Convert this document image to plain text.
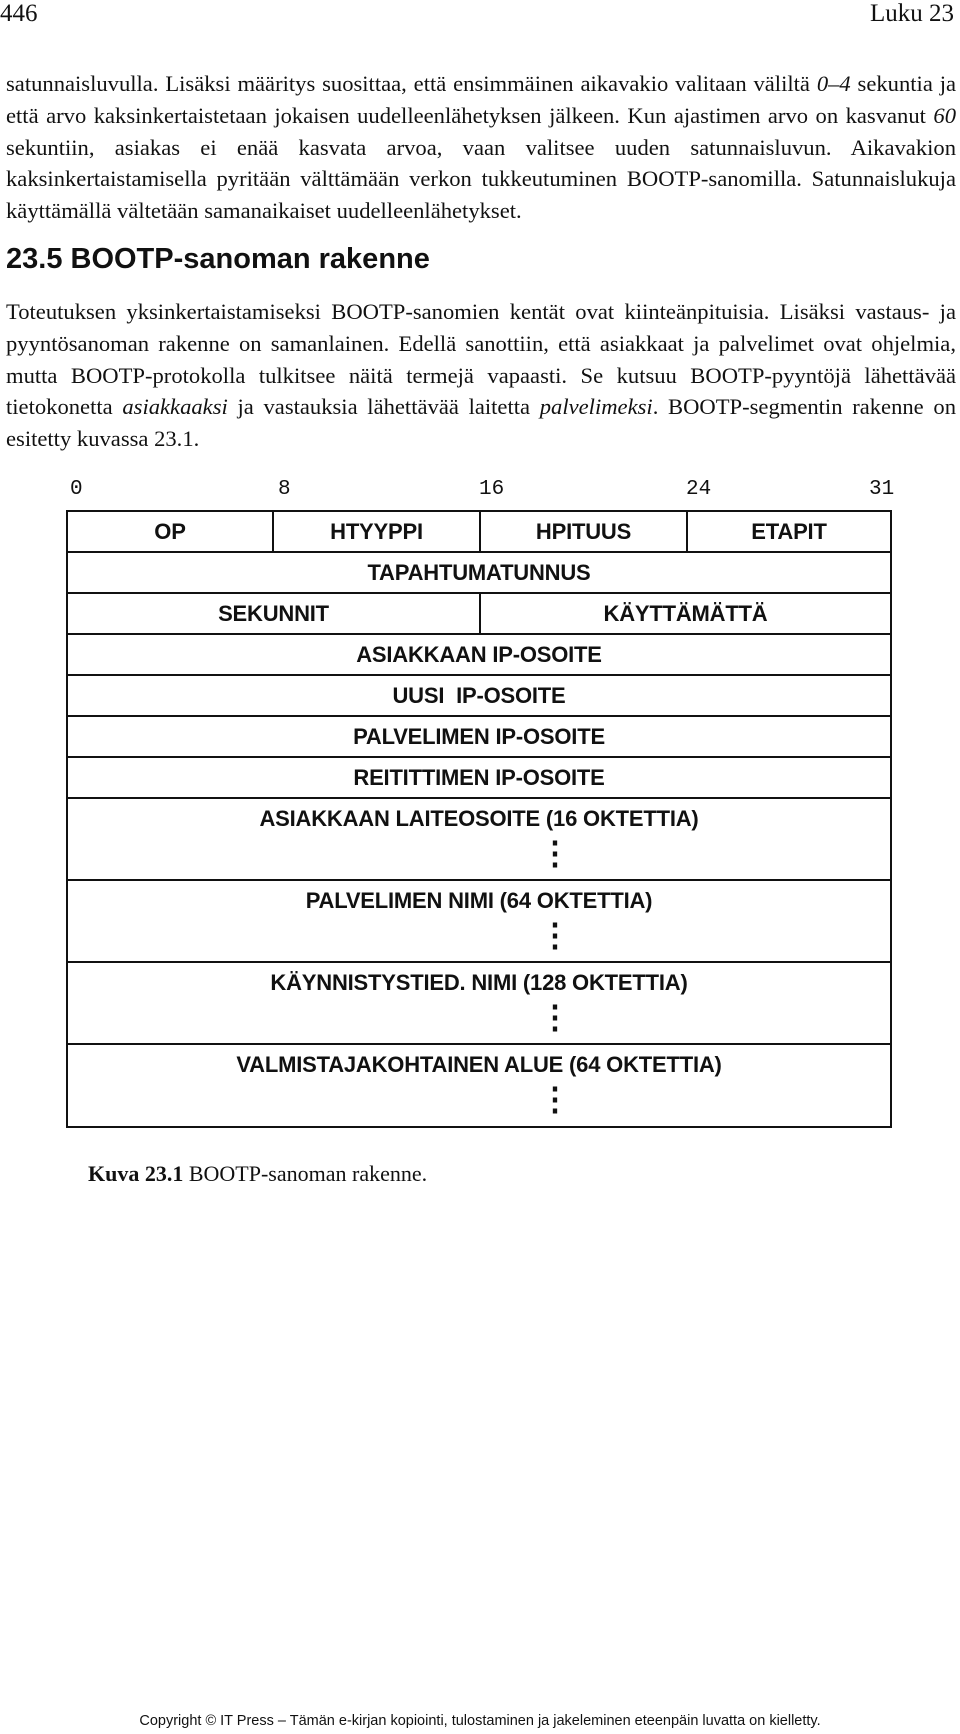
446	Luku 23

satunnaisluvulla. Lisäksi määritys suosittaa, että ensimmäinen aikavakio valitaan väliltä 0–4 sekuntia ja että arvo kaksinkertaistetaan jokaisen uudelleenlähetyksen jälkeen. Kun ajastimen arvo on kasvanut 60 sekuntiin, asiakas ei enää kasvata arvoa, vaan valitsee uuden satunnaisluvun. Aikavakion kaksinkertaistamisella pyritään välttämään verkon tukkeutuminen BOOTP-sanomilla. Satunnaislukuja käyttämällä vältetään samanaikaiset uudelleenlähetykset.

23.5 BOOTP-sanoman rakenne

Toteutuksen yksinkertaistamiseksi BOOTP-sanomien kentät ovat kiinteänpituisia. Lisäksi vastaus- ja pyyntösanoman rakenne on samanlainen. Edellä sanottiin, että asiakkaat ja palvelimet ovat ohjelmia, mutta BOOTP-protokolla tulkitsee näitä termejä vapaasti. Se kutsuu BOOTP-pyyntöjä lähettävää tietokonetta asiakkaaksi ja vastauksia lähettävää laitetta palvelimeksi. BOOTP-segmentin rakenne on esitetty kuvassa 23.1.

0	8	16	24	31
OP	HTYYPPI	HPITUUS	ETAPIT
TAPAHTUMATUNNUS
SEKUNNIT	KÄYTTÄMÄTTÄ
ASIAKKAAN IP-OSOITE
UUSI  IP-OSOITE
PALVELIMEN IP-OSOITE
REITITTIMEN IP-OSOITE
ASIAKKAAN LAITEOSOITE (16 OKTETTIA)
⋮
PALVELIMEN NIMI (64 OKTETTIA)
⋮
KÄYNNISTYSTIED. NIMI (128 OKTETTIA)
⋮
VALMISTAJAKOHTAINEN ALUE (64 OKTETTIA)
⋮
Kuva 23.1 BOOTP-sanoman rakenne.
Copyright © IT Press – Tämän e-kirjan kopiointi, tulostaminen ja jakeleminen eteenpäin luvatta on kielletty.
